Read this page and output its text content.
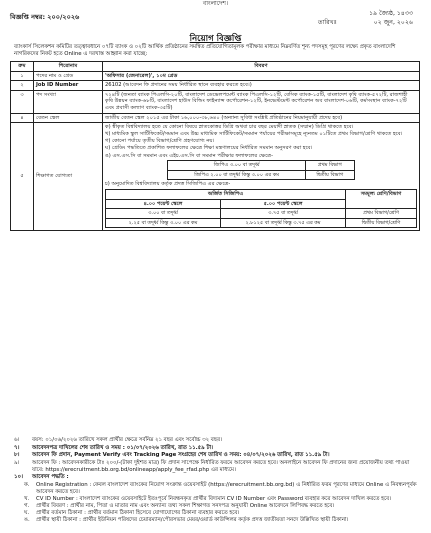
বাংলাদেশ।
বিজ্ঞপ্তি নম্বর: ২০০/২০২৬	১৯ জ্যৈষ্ঠ, ১৪৩৩
তারিখঃ	০২ জুন, ২০২৬
নিয়োগ বিজ্ঞপ্তি
ব্যাংকার্স সিলেকশন কমিটির তত্ত্বাবধানে ০৭টি ব্যাংক ও ০২টি আর্থিক প্রতিষ্ঠানের সমন্বিত প্রতিযোগিতামূলক পরীক্ষার মাধ্যমে নিম্নবর্ণিত শূন্য পদসমূহ পূরণের লক্ষ্যে প্রকৃত বাংলাদেশি নাগরিকদের নিকট হতে Online এ দরখাস্ত আহ্বান করা যাচ্ছে:
ক্রম	শিরোনাম	বিবরণ
১	পদের নাম ও গ্রেড	'অফিসার (জেনারেল)', ১০ম গ্রেড
২	Job ID Number	26102 (আবেদন ফি প্রদানের সময় নির্ধারিত স্থানে ব্যবহার করতে হবে।)
৩	পদ সংখ্যা	৭২৪টি (জনতা ব্যাংক পিএলসি-২০টি, বাংলাদেশ ডেভেলপমেন্ট ব্যাংক পিএলসি-১২টি, বেসিক ব্যাংক-১৫টি, বাংলাদেশ কৃষি ব্যাংক-৫৭২টি, রাজশাহী কৃষি উন্নয়ন ব্যাংক-৬৮টি, বাংলাদেশ হাউস বিল্ডিং ফাইন্যান্স কর্পোরেশন-১২টি, ইনভেস্টমেন্ট কর্পোরেশন অব বাংলাদেশ-০৬টি, কর্মসংস্থান ব্যাংক-৭২টি এবং প্রবাসী কল্যাণ ব্যাংক-৩৫টি)
৪	বেতন স্কেল	জাতীয় বেতন স্কেল ২০১৫ এর টাকা ১৬,০০০-৩৮,৬৪০ (অন্যান্য সুবিধা সংশ্লিষ্ট প্রতিষ্ঠানের নিয়মানুযায়ী প্রদেয় হবে)
৫	শিক্ষাগত যোগ্যতা	
ক) স্বীকৃত বিশ্ববিদ্যালয় হতে যে কোনো বিষয়ে স্নাতকোত্তর ডিগ্রি অথবা চার বছর মেয়াদী স্নাতক (সম্মান) ডিগ্রি থাকতে হবে।
খ) মাধ্যমিক স্কুল সার্টিফিকেট/সমমান এবং উচ্চ মাধ্যমিক সার্টিফিকেট/সমমান পর্যায়ের পরীক্ষাসমূহে ন্যূনতম ০১টিতে প্রথম বিভাগ/শ্রেণি থাকতে হবে।
গ) কোনো পর্যায়ে তৃতীয় বিভাগ/শ্রেণি গ্রহণযোগ্য নয়।
ঘ) গ্রেডিং পদ্ধতিতে প্রকাশিত ফলাফলের ক্ষেত্রে শিক্ষা মন্ত্রণালয়ের নির্ধারিত সমমান অনুসরণ করা হবে।
ঙ) এস.এস.সি বা সমমান এবং এইচ.এস.সি বা সমমান পরীক্ষার ফলাফলের ক্ষেত্রে-
জিপিএ ৩.০০ বা তদূর্ধ্ব	প্রথম বিভাগ
জিপিএ ২.০০ বা তদূর্ধ্ব কিন্তু ৩.০০ এর কম	দ্বিতীয় বিভাগ
চ) অনুমোদিত বিশ্ববিদ্যালয় কর্তৃক প্রদত্ত সিজিপিএ এর ক্ষেত্রে-
অর্জিত সিজিপিএ	সমমূল্য শ্রেণি/বিভাগ
৪.০০ পয়েন্ট স্কেলে	৫.০০ পয়েন্ট স্কেলে
৩.০০ বা তদূর্ধ্ব	৩.৭৫ বা তদূর্ধ্ব	প্রথম বিভাগ/শ্রেণি
২.২৫ বা তদূর্ধ্ব কিন্তু ৩.০০ এর কম	২.৮১২৫ বা তদূর্ধ্ব কিন্তু ৩.৭৫ এর কম	দ্বিতীয় বিভাগ/শ্রেণি
৬।	বয়স: ০১/০৬/২০২৬ তারিখে সকল প্রার্থীর ক্ষেত্রে সর্বনিম্ন ২১ বছর এবং সর্বোচ্চ ৩২ বছর।
৭।	আবেদনপত্র দাখিলের শেষ তারিখ ও সময় : ০১/০৭/২০২৬ তারিখ, রাত ১১.৫৯ টা।
৮।	আবেদন ফি প্রদান, Payment Verify এবং Tracking Page সংগ্রহের শেষ তারিখ ও সময়: ০৪/০৭/২০২৬ তারিখ, রাত ১১.৫৯ টা।
৯।	আবেদন ফি : আবেদনকারীকে টাঃ ২০০/-(টাকা দুইশত মাত্র) ফি প্রদান সাপেক্ষে নির্ধারিত ফরমে আবেদন করতে হবে। অনলাইনে আবেদন ফি প্রদানের জন্য প্রয়োজনীয় তথ্য পাওয়া যাবে: https://erecruitment.bb.org.bd/onlineapp/apply_fee_rfad.php এর মাধ্যমে।
১০।	আবেদন পদ্ধতি :
ক.	Online Registration : কেবল বাংলাদেশ ব্যাংকের নিয়োগ সংক্রান্ত ওয়েবসাইট (https://erecruitment.bb.org.bd) এ নির্ধারিত ফরম পূরণের মাধ্যমে Online এ নিবন্ধনপূর্বক আবেদন করতে হবে।
খ.	CV ID Number : বাংলাদেশ ব্যাংকের ওয়েবসাইটে ইতঃপূর্বে নিবন্ধনকৃত প্রার্থীর বিদ্যমান CV ID Number এবং Password ব্যবহার করে আবেদন দাখিল করতে হবে।
গ.	প্রার্থীর বিবরণ : প্রার্থীর নাম, পিতা ও মাতার নাম এবং অন্যান্য তথ্য সকল শিক্ষাগত সনদপত্র অনুযায়ী Online আবেদনে লিপিবদ্ধ করতে হবে।
ঘ.	প্রার্থীর বর্তমান ঠিকানা : প্রার্থীর বর্তমান ঠিকানা হিসেবে যোগাযোগের ঠিকানা ব্যবহার করতে হবে।
ঙ.	প্রার্থীর স্থায়ী ঠিকানা : প্রার্থীর ইউনিয়ন পরিষদের চেয়ারম্যান/পৌরসভার মেয়র/ওয়ার্ড কাউন্সিলর কর্তৃক প্রদত্ত জাতীয়তা সনদে উল্লিখিত স্থায়ী ঠিকানা।
